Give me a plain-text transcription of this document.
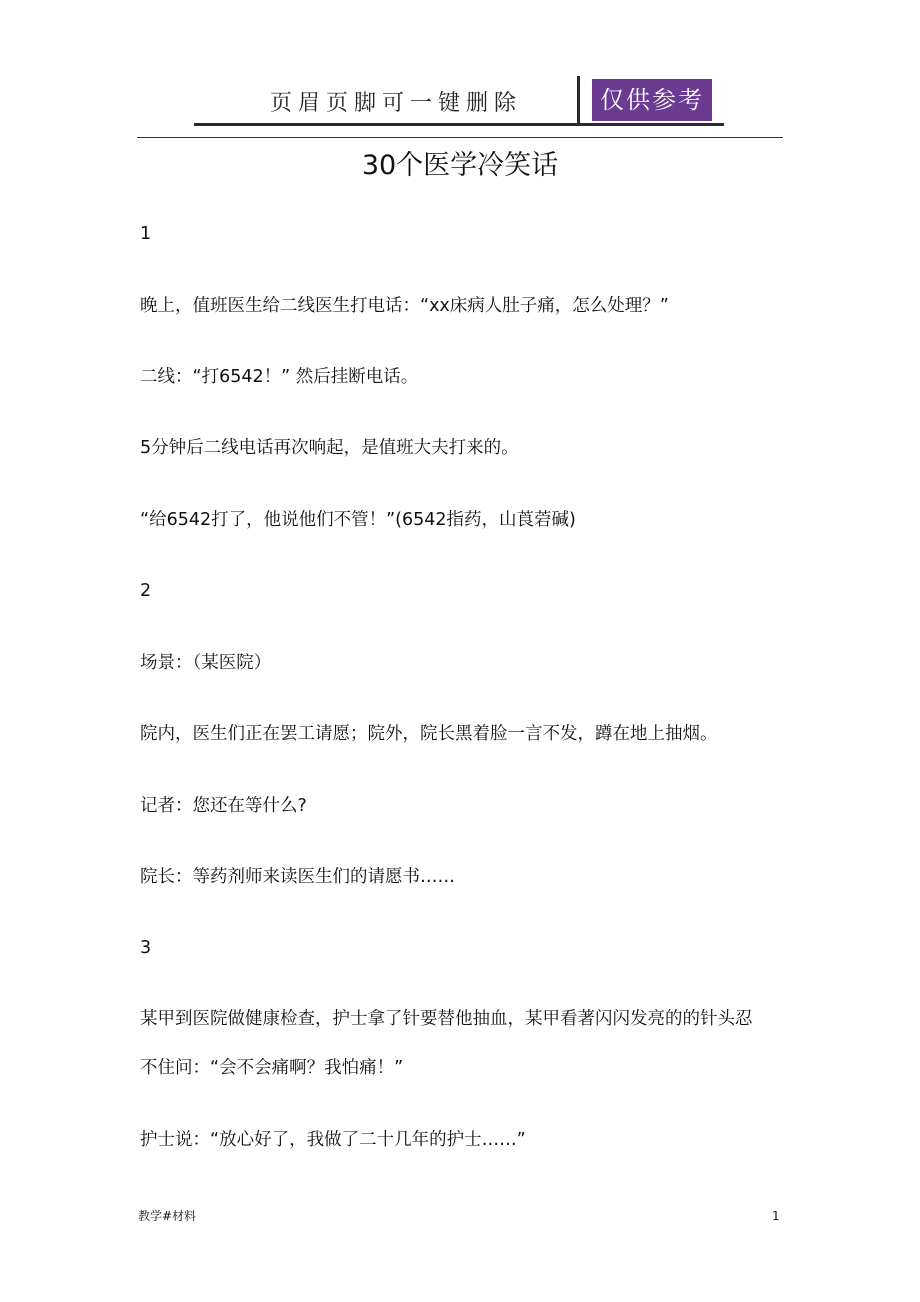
页眉页脚可一键删除	仅供参考
30个医学冷笑话
1
晚上，值班医生给二线医生打电话：“xx床病人肚子痛，怎么处理？”
二线：“打6542！” 然后挂断电话。
5分钟后二线电话再次响起，是值班大夫打来的。
“给6542打了，他说他们不管！”(6542指药，山莨菪碱)
2
场景：（某医院）
院内，医生们正在罢工请愿；院外，院长黑着脸一言不发，蹲在地上抽烟。
记者：您还在等什么?
院长：等药剂师来读医生们的请愿书……
3
某甲到医院做健康检查，护士拿了针要替他抽血，某甲看著闪闪发亮的的针头忍
不住问：“会不会痛啊？我怕痛！”
护士说：“放心好了，我做了二十几年的护士……”
教学#材料	1
